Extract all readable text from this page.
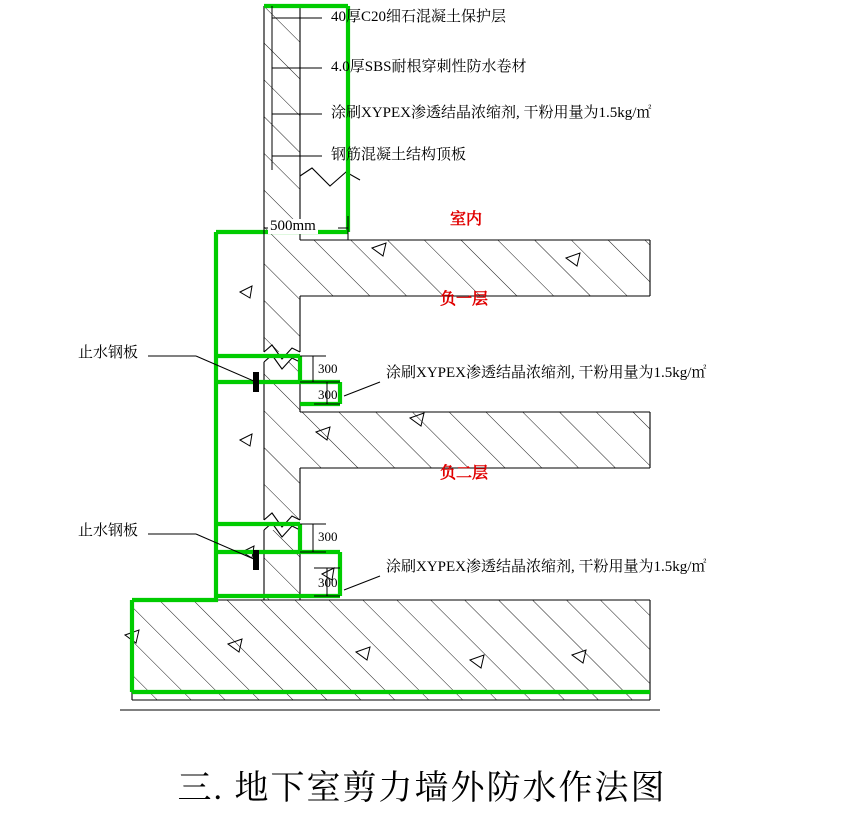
40厚C20细石混凝土保护层
4.0厚SBS耐根穿刺性防水卷材
涂刷XYPEX渗透结晶浓缩剂, 干粉用量为1.5kg/㎡
钢筋混凝土结构顶板
500mm	室内
负一层
负二层
止水钢板
止水钢板
300
300
300
300
涂刷XYPEX渗透结晶浓缩剂, 干粉用量为1.5kg/㎡
涂刷XYPEX渗透结晶浓缩剂, 干粉用量为1.5kg/㎡
三. 地下室剪力墙外防水作法图
